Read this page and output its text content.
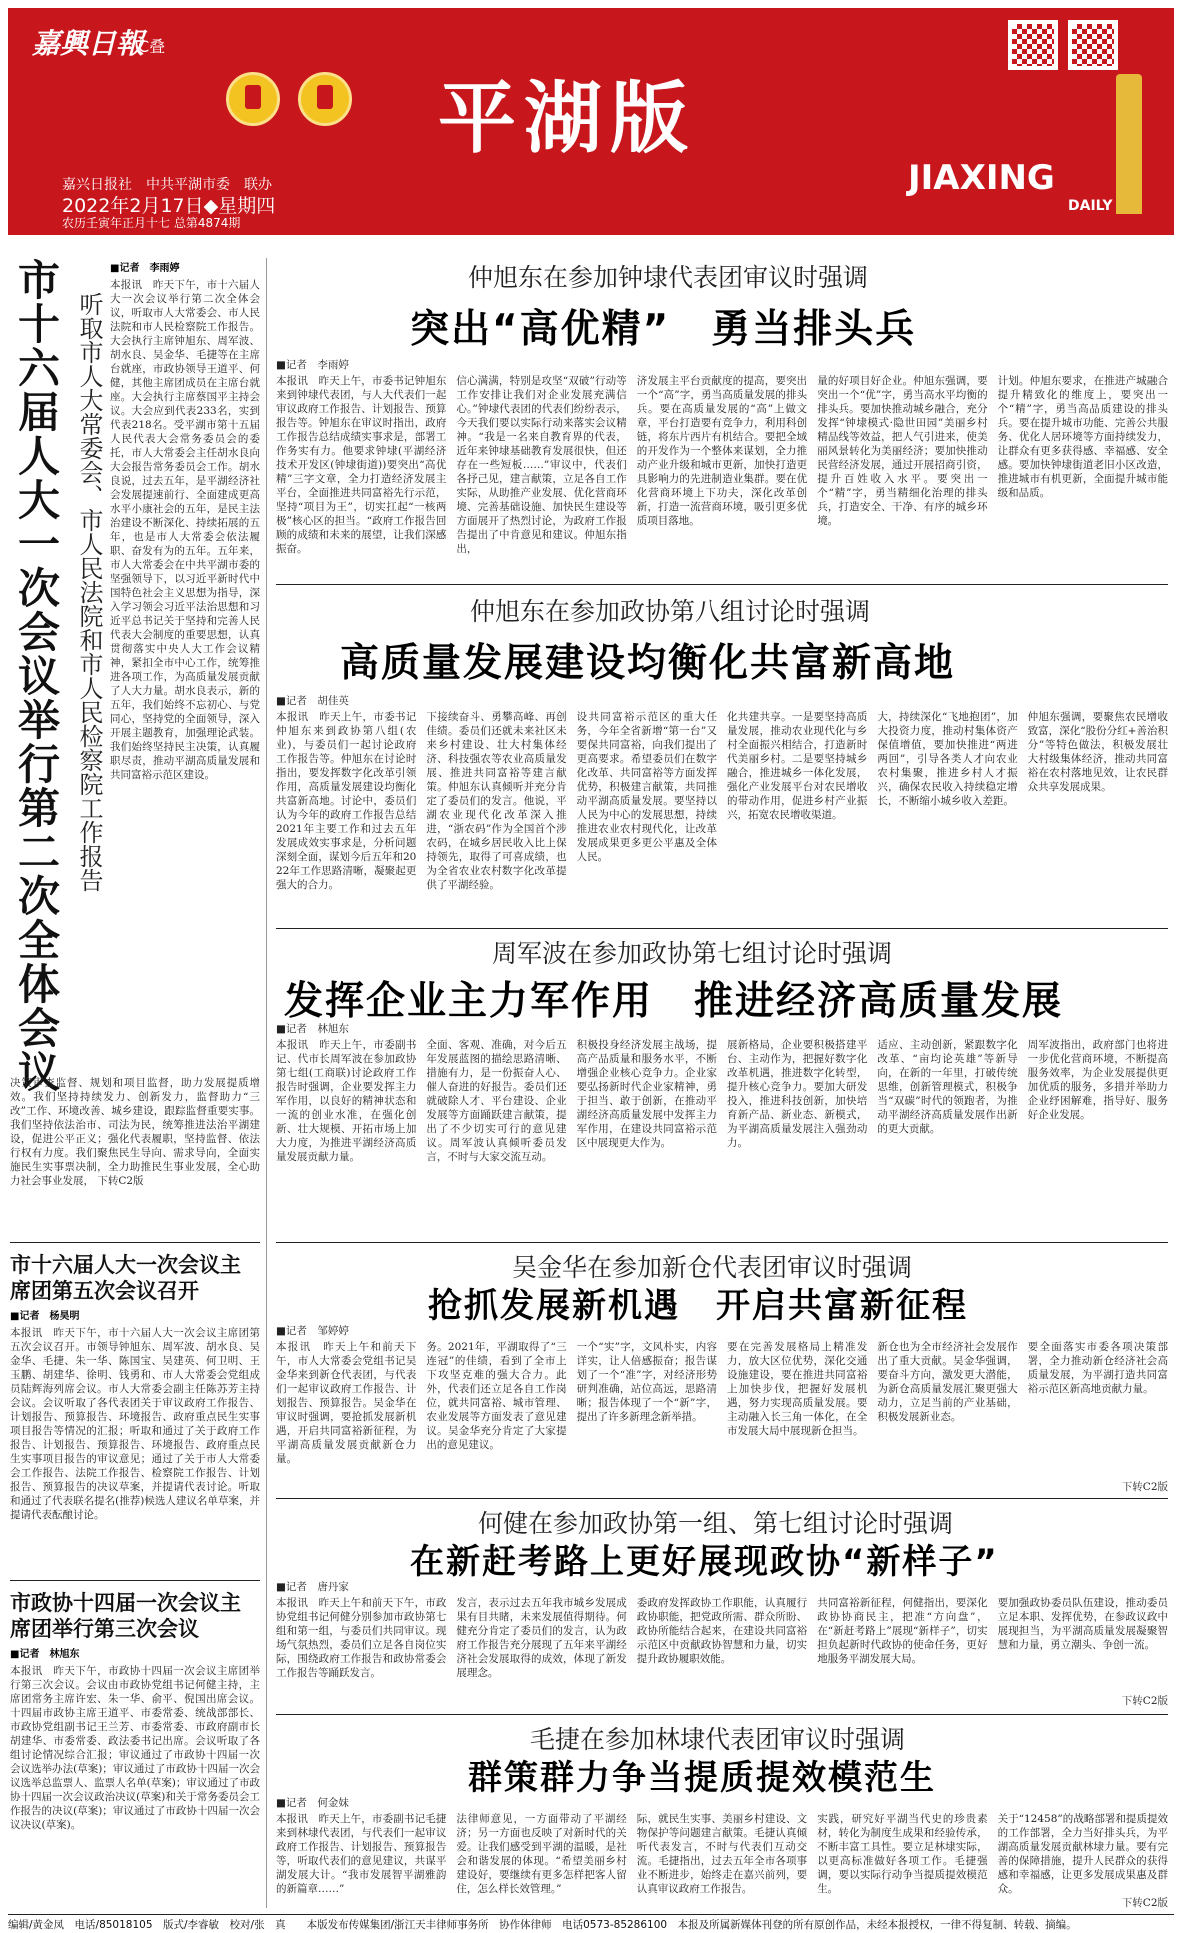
嘉興日報
C叠
平湖版
嘉兴日报社　中共平湖市委　联办
2022年2月17日◆星期四
农历壬寅年正月十七 总第4874期
JIAXING
DAILY
市十六届人大一次会议举行第二次全体会议 听取市人大常委会、市人民法院和市人民检察院工作报告
■记者　李雨婷
本报讯　昨天下午，市十六届人大一次会议举行第二次全体会议，听取市人大常委会、市人民法院和市人民检察院工作报告。大会执行主席钟旭东、周军波、胡水良、吴金华、毛捷等在主席台就座，市政协领导王道平、何健，其他主席团成员在主席台就座。大会执行主席蔡国平主持会议。大会应到代表233名，实到代表218名。受平湖市第十五届人民代表大会常务委员会的委托，市人大常委会主任胡水良向大会报告常务委员会工作。胡水良说，过去五年，是平湖经济社会发展提速前行、全面建成更高水平小康社会的五年，是民主法治建设不断深化、持续拓展的五年，也是市人大常委会依法履职、奋发有为的五年。五年来，市人大常委会在中共平湖市委的坚强领导下，以习近平新时代中国特色社会主义思想为指导，深入学习领会习近平法治思想和习近平总书记关于坚持和完善人民代表大会制度的重要思想，认真贯彻落实中央人大工作会议精神，紧扣全市中心工作，统筹推进各项工作，为高质量发展贡献了人大力量。胡水良表示，新的五年，我们始终不忘初心、与党同心，坚持党的全面领导，深入开展主题教育，加强理论武装。我们始终坚持民主决策，认真履职尽责，推动平湖高质量发展和共同富裕示范区建设。
决策审查监督、规划和项目监督，助力发展提质增效。我们坚持持续发力、创新发力，监督助力“三改”工作、环境改善、城乡建设，跟踪监督重要实事。我们坚持依法治市、司法为民，统筹推进法治平湖建设，促进公平正义；强化代表履职，坚持监督、依法行权有力度。我们聚焦民生导向、需求导向，全面实施民生实事票决制，全力助推民生事业发展，全心助力社会事业发展， 下转C2版
市十六届人大一次会议主席团第五次会议召开
■记者　杨昊明
本报讯　昨天下午，市十六届人大一次会议主席团第五次会议召开。市领导钟旭东、周军波、胡水良、吴金华、毛捷、朱一华、陈国宝、吴建英、何卫明、王玉鹏、胡建华、徐明、钱勇和、市人大常委会党组成员陆辉海列席会议。市人大常委会副主任陈苏芳主持会议。会议听取了各代表团关于审议政府工作报告、计划报告、预算报告、环境报告、政府重点民生实事项目报告等情况的汇报；听取和通过了关于政府工作报告、计划报告、预算报告、环境报告、政府重点民生实事项目报告的审议意见；通过了关于市人大常委会工作报告、法院工作报告、检察院工作报告、计划报告、预算报告的决议草案，并提请代表讨论。听取和通过了代表联名提名(推荐)候选人建议名单草案，并提请代表酝酿讨论。
市政协十四届一次会议主席团举行第三次会议
■记者　林旭东
本报讯　昨天下午，市政协十四届一次会议主席团举行第三次会议。会议由市政协党组书记何健主持，主席团常务主席许宏、朱一华、俞平、倪国出席会议。十四届市政协主席王道平、市委常委、统战部部长、市政协党组副书记王兰芳、市委常委、市政府副市长胡建华、市委常委、政法委书记出席。会议听取了各组讨论情况综合汇报；审议通过了市政协十四届一次会议选举办法(草案)；审议通过了市政协十四届一次会议选举总监票人、监票人名单(草案)；审议通过了市政协十四届一次会议政治决议(草案)和关于常务委员会工作报告的决议(草案)；审议通过了市政协十四届一次会议决议(草案)。
仲旭东在参加钟埭代表团审议时强调
突出“高优精”　勇当排头兵
■记者　李雨婷
本报讯　昨天上午，市委书记钟旭东来到钟埭代表团，与人大代表们一起审议政府工作报告、计划报告、预算报告等。钟旭东在审议时指出，政府工作报告总结成绩实事求是，部署工作务实有力。他要求钟埭(平湖经济技术开发区(钟埭街道))要突出“高优精”三字文章，全力打造经济发展主平台，全面推进共同富裕先行示范，坚持“项目为王”，切实扛起“一核两极”核心区的担当。“政府工作报告回顾的成绩和未来的展望，让我们深感振奋。
信心满满，特别是攻坚“双破”行动等工作安排让我们对企业发展充满信心。”钟埭代表团的代表们纷纷表示，今天我们要以实际行动来落实会议精神。“我是一名来自教育界的代表，近年来钟埭基础教育发展很快，但还存在一些短板……”审议中，代表们各抒己见，建言献策，立足各自工作实际，从助推产业发展、优化营商环境、完善基础设施、加快民生建设等方面展开了热烈讨论，为政府工作报告提出了中肯意见和建议。仲旭东指出，
济发展主平台贡献度的提高，要突出一个“高”字，勇当高质量发展的排头兵。要在高质量发展的“高”上做文章，平台打造要有竞争力，利用科创链，将东片西片有机结合。要把全域的开发作为一个整体来谋划，全力推动产业升级和城市更新，加快打造更具影响力的先进制造业集群。要在优化营商环境上下功夫，深化改革创新，打造一流营商环境，吸引更多优质项目落地。
量的好项目好企业。仲旭东强调，要突出一个“优”字，勇当高水平均衡的排头兵。要加快推动城乡融合，充分发挥“钟埭模式·隐世田园”美丽乡村精品线等效益，把人气引进来，使美丽风景转化为美丽经济；要加快推动民营经济发展，通过开展招商引资，提升百姓收入水平。要突出一个“精”字，勇当精细化治理的排头兵，打造安全、干净、有序的城乡环境。
计划。仲旭东要求，在推进产城融合提升精致化的维度上，要突出一个“精”字，勇当高品质建设的排头兵。要在提升城市功能、完善公共服务、优化人居环境等方面持续发力，让群众有更多获得感、幸福感、安全感。要加快钟埭街道老旧小区改造，推进城市有机更新，全面提升城市能级和品质。
仲旭东在参加政协第八组讨论时强调
高质量发展建设均衡化共富新高地
■记者　胡佳英
本报讯　昨天上午，市委书记仲旭东来到政协第八组(农业)，与委员们一起讨论政府工作报告等。仲旭东在讨论时指出，要发挥数字化改革引领作用，高质量发展建设均衡化共富新高地。讨论中，委员们认为今年的政府工作报告总结2021年主要工作和过去五年发展成效实事求是，分析问题深刻全面，谋划今后五年和2022年工作思路清晰，凝聚起更强大的合力。
下接续奋斗、勇攀高峰、再创佳绩。委员们还就未来社区未来乡村建设、壮大村集体经济、科技强农等农业高质量发展、推进共同富裕等建言献策。仲旭东认真倾听并充分肯定了委员们的发言。他说，平湖农业现代化改革深入推进，“浙农码”作为全国首个涉农码，在城乡居民收入比上保持领先，取得了可喜成绩，也为全省农业农村数字化改革提供了平湖经验。
设共同富裕示范区的重大任务，今年全省新增“第一台”又要保共同富裕，向我们提出了更高要求。希望委员们在数字化改革、共同富裕等方面发挥优势，积极建言献策，共同推动平湖高质量发展。要坚持以人民为中心的发展思想，持续推进农业农村现代化，让改革发展成果更多更公平惠及全体人民。
化共建共享。一是要坚持高质量发展，推动农业现代化与乡村全面振兴相结合，打造新时代美丽乡村。二是要坚持城乡融合，推进城乡一体化发展，强化产业发展平台对农民增收的带动作用，促进乡村产业振兴，拓宽农民增收渠道。
大，持续深化“飞地抱团”，加大投资力度，推动村集体资产保值增值，要加快推进“两进两回”，引导各类人才向农业农村集聚，推进乡村人才振兴，确保农民收入持续稳定增长，不断缩小城乡收入差距。
仲旭东强调，要聚焦农民增收致富，深化“股份分红+善治积分”等特色做法，积极发展壮大村级集体经济，推动共同富裕在农村落地见效，让农民群众共享发展成果。
周军波在参加政协第七组讨论时强调
发挥企业主力军作用　推进经济高质量发展
■记者　林旭东
本报讯　昨天上午，市委副书记、代市长周军波在参加政协第七组(工商联)讨论政府工作报告时强调，企业要发挥主力军作用，以良好的精神状态和一流的创业水准，在强化创新、壮大规模、开拓市场上加大力度，为推进平湖经济高质量发展贡献力量。
全面、客观、准确，对今后五年发展蓝图的描绘思路清晰、措施有力，是一份振奋人心、催人奋进的好报告。委员们还就破除人才、平台建设、企业发展等方面踊跃建言献策，提出了不少切实可行的意见建议。周军波认真倾听委员发言，不时与大家交流互动。
积极投身经济发展主战场，提高产品质量和服务水平，不断增强企业核心竞争力。企业家要弘扬新时代企业家精神，勇于担当、敢于创新，在推动平湖经济高质量发展中发挥主力军作用，在建设共同富裕示范区中展现更大作为。
展新格局，企业要积极搭建平台、主动作为，把握好数字化改革机遇，推进数字化转型，提升核心竞争力。要加大研发投入，推进科技创新，加快培育新产品、新业态、新模式，为平湖高质量发展注入强劲动力。
适应、主动创新，紧跟数字化改革、“亩均论英雄”等新导向，在新的一年里，打破传统思维，创新管理模式，积极争当“双碳”时代的领跑者，为推动平湖经济高质量发展作出新的更大贡献。
周军波指出，政府部门也将进一步优化营商环境，不断提高服务效率，为企业发展提供更加优质的服务，多措并举助力企业纾困解难，指导好、服务好企业发展。
吴金华在参加新仓代表团审议时强调
抢抓发展新机遇　开启共富新征程
■记者　邹婷婷
本报讯　昨天上午和前天下午，市人大常委会党组书记吴金华来到新仓代表团，与代表们一起审议政府工作报告、计划报告、预算报告。吴金华在审议时强调，要抢抓发展新机遇，开启共同富裕新征程，为平湖高质量发展贡献新仓力量。
务。2021年，平湖取得了“三连冠”的佳绩，看到了全市上下攻坚克难的强大合力。此外，代表们还立足各自工作岗位，就共同富裕、城市管理、农业发展等方面发表了意见建议。吴金华充分肯定了大家提出的意见建议。
一个“实”字，文风朴实，内容详实，让人倍感振奋；报告谋划了一个“准”字，对经济形势研判准确，站位高远，思路清晰；报告体现了一个“新”字，提出了许多新理念新举措。
要在完善发展格局上精准发力，放大区位优势，深化交通设施建设，要在推进共同富裕上加快步伐，把握好发展机遇，努力实现高质量发展。要主动融入长三角一体化，在全市发展大局中展现新仓担当。
新仓也为全市经济社会发展作出了重大贡献。吴金华强调，要奋斗方向，激发更大潜能，为新仓高质量发展汇聚更强大动力，立足当前的产业基础，积极发展新业态。
要全面落实市委各项决策部署，全力推动新仓经济社会高质量发展，为平湖打造共同富裕示范区新高地贡献力量。
下转C2版
何健在参加政协第一组、第七组讨论时强调
在新赶考路上更好展现政协“新样子”
■记者　唐丹家
本报讯　昨天上午和前天下午，市政协党组书记何健分别参加市政协第七组和第一组，与委员们共同审议。现场气氛热烈，委员们立足各自岗位实际，围绕政府工作报告和政协常委会工作报告等踊跃发言。
发言，表示过去五年我市城乡发展成果有目共睹，未来发展值得期待。何健充分肯定了委员们的发言，认为政府工作报告充分展现了五年来平湖经济社会发展取得的成效，体现了新发展理念。
委政府发挥政协工作职能，认真履行政协职能，把党政所需、群众所盼、政协所能结合起来，在建设共同富裕示范区中贡献政协智慧和力量，切实提升政协履职效能。
共同富裕新征程，何健指出，要深化政协协商民主，把准“方向盘”，在“新赶考路上”展现“新样子”，切实担负起新时代政协的使命任务，更好地服务平湖发展大局。
要加强政协委员队伍建设，推动委员立足本职、发挥优势，在参政议政中展现担当，为平湖高质量发展凝聚智慧和力量，勇立潮头、争创一流。
下转C2版
毛捷在参加林埭代表团审议时强调
群策群力争当提质提效模范生
■记者　何金妹
本报讯　昨天上午，市委副书记毛捷来到林埭代表团，与代表们一起审议政府工作报告、计划报告、预算报告等，听取代表们的意见建议，共谋平湖发展大计。“我市发展智平湖雅韵的新篇章……”
法律师意见，一方面带动了平湖经济；另一方面也反映了对新时代的关爱。让我们感受到平湖的温暖，是社会和谐发展的体现。“希望美丽乡村建设好，要继续有更多怎样把客人留住，怎么样长效管理。”
际，就民生实事、美丽乡村建设、文物保护等问题建言献策。毛捷认真倾听代表发言，不时与代表们互动交流。毛捷指出，过去五年全市各项事业不断进步，始终走在嘉兴前列，要认真审议政府工作报告。
实践，研究好平湖当代史的珍贵素材，转化为制度生成果和经验传承，不断丰富工具性。要立足林埭实际，以更高标准做好各项工作。毛捷强调，要以实际行动争当提质提效模范生。
关于“12458”的战略部署和提质提效的工作部署，全力当好排头兵，为平湖高质量发展贡献林埭力量。要有完善的保障措施，提升人民群众的获得感和幸福感，让更多发展成果惠及群众。
下转C2版
编辑/黄金凤　电话/85018105　版式/李睿敏　校对/张　真　　本版发布传媒集团/浙江天丰律师事务所　协作体律师　电话0573-85286100　本报及所属新媒体刊登的所有原创作品，未经本报授权，一律不得复制、转载、摘编。
